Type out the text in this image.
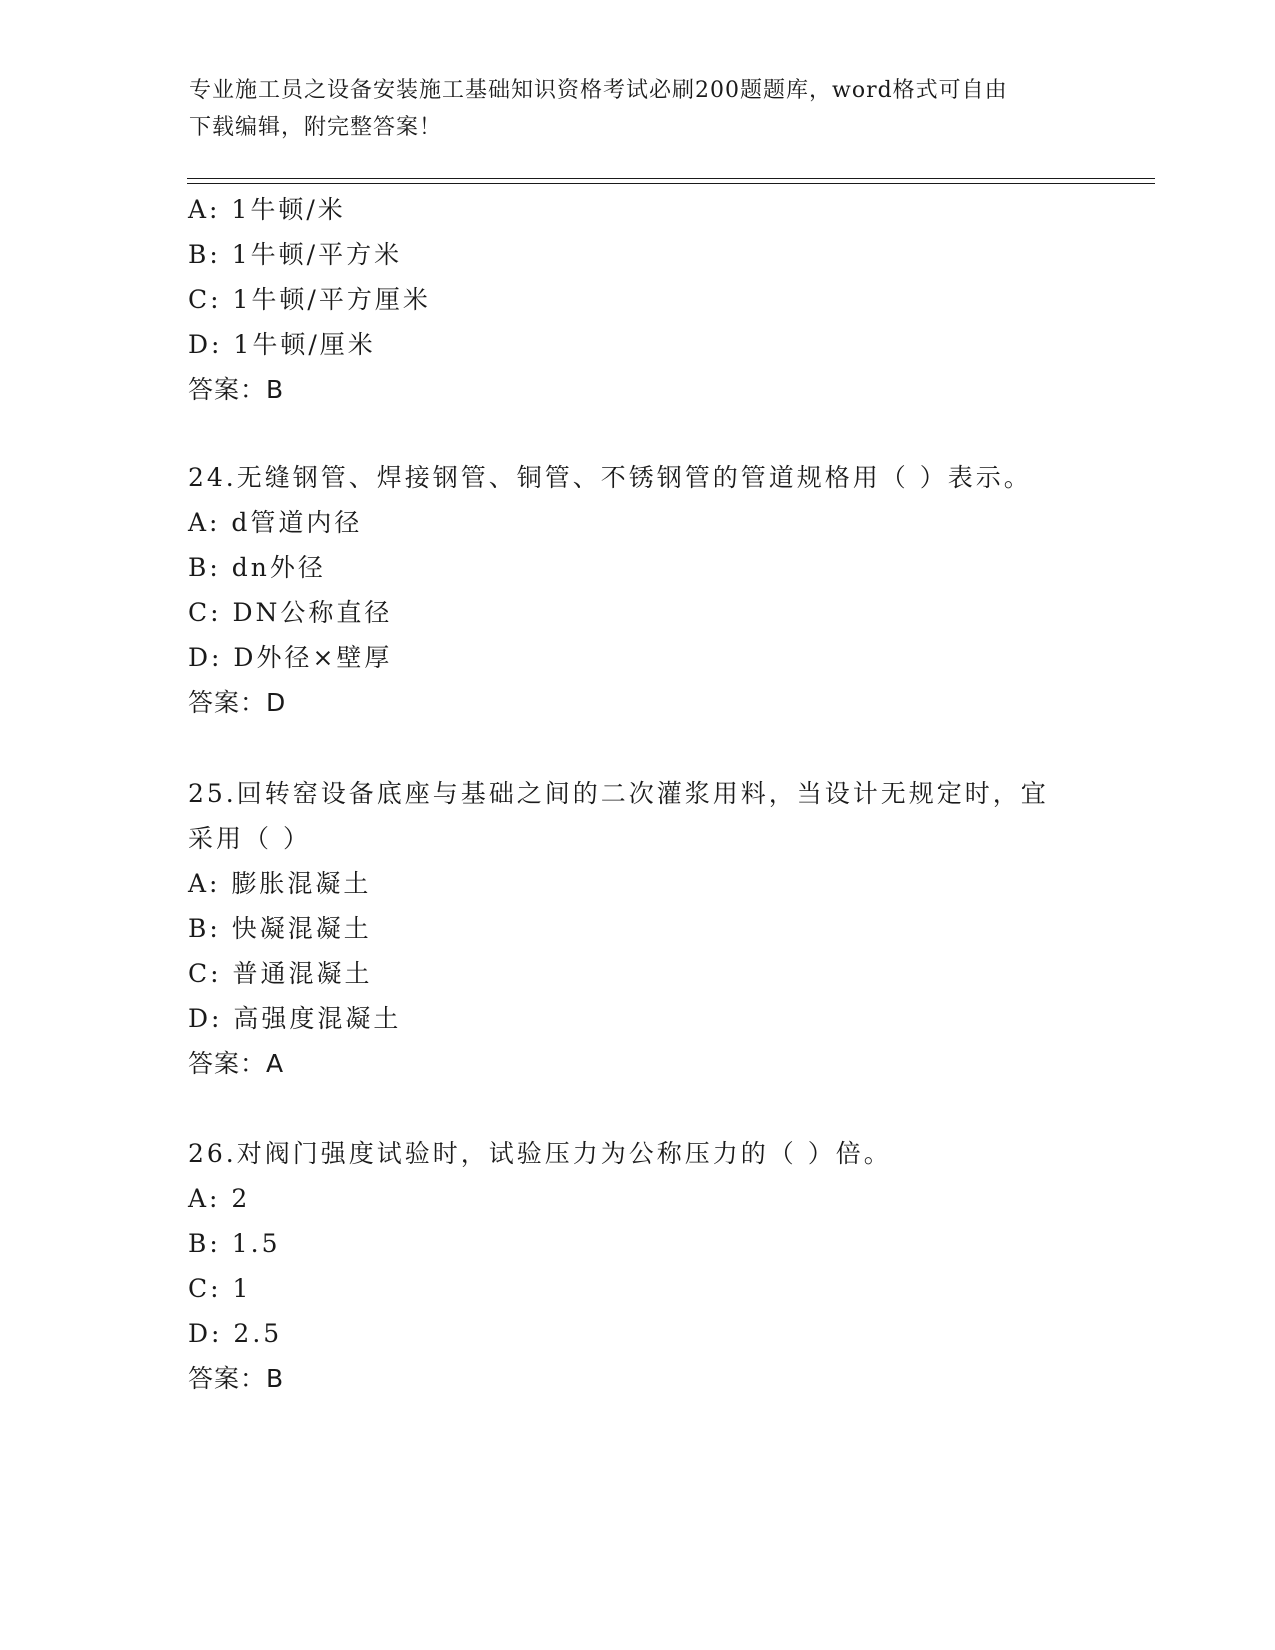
专业施工员之设备安装施工基础知识资格考试必刷200题题库，word格式可自由
下载编辑，附完整答案！
A: 1牛顿/米
B: 1牛顿/平方米
C: 1牛顿/平方厘米
D: 1牛顿/厘米
答案：B
24.无缝钢管、焊接钢管、铜管、不锈钢管的管道规格用（ ）表示。
A: d管道内径
B: dn外径
C: DN公称直径
D: D外径×壁厚
答案：D
25.回转窑设备底座与基础之间的二次灌浆用料，当设计无规定时，宜
采用（ ）
A: 膨胀混凝土
B: 快凝混凝土
C: 普通混凝土
D: 高强度混凝土
答案：A
26.对阀门强度试验时，试验压力为公称压力的（ ）倍。
A: 2
B: 1.5
C: 1
D: 2.5
答案：B
